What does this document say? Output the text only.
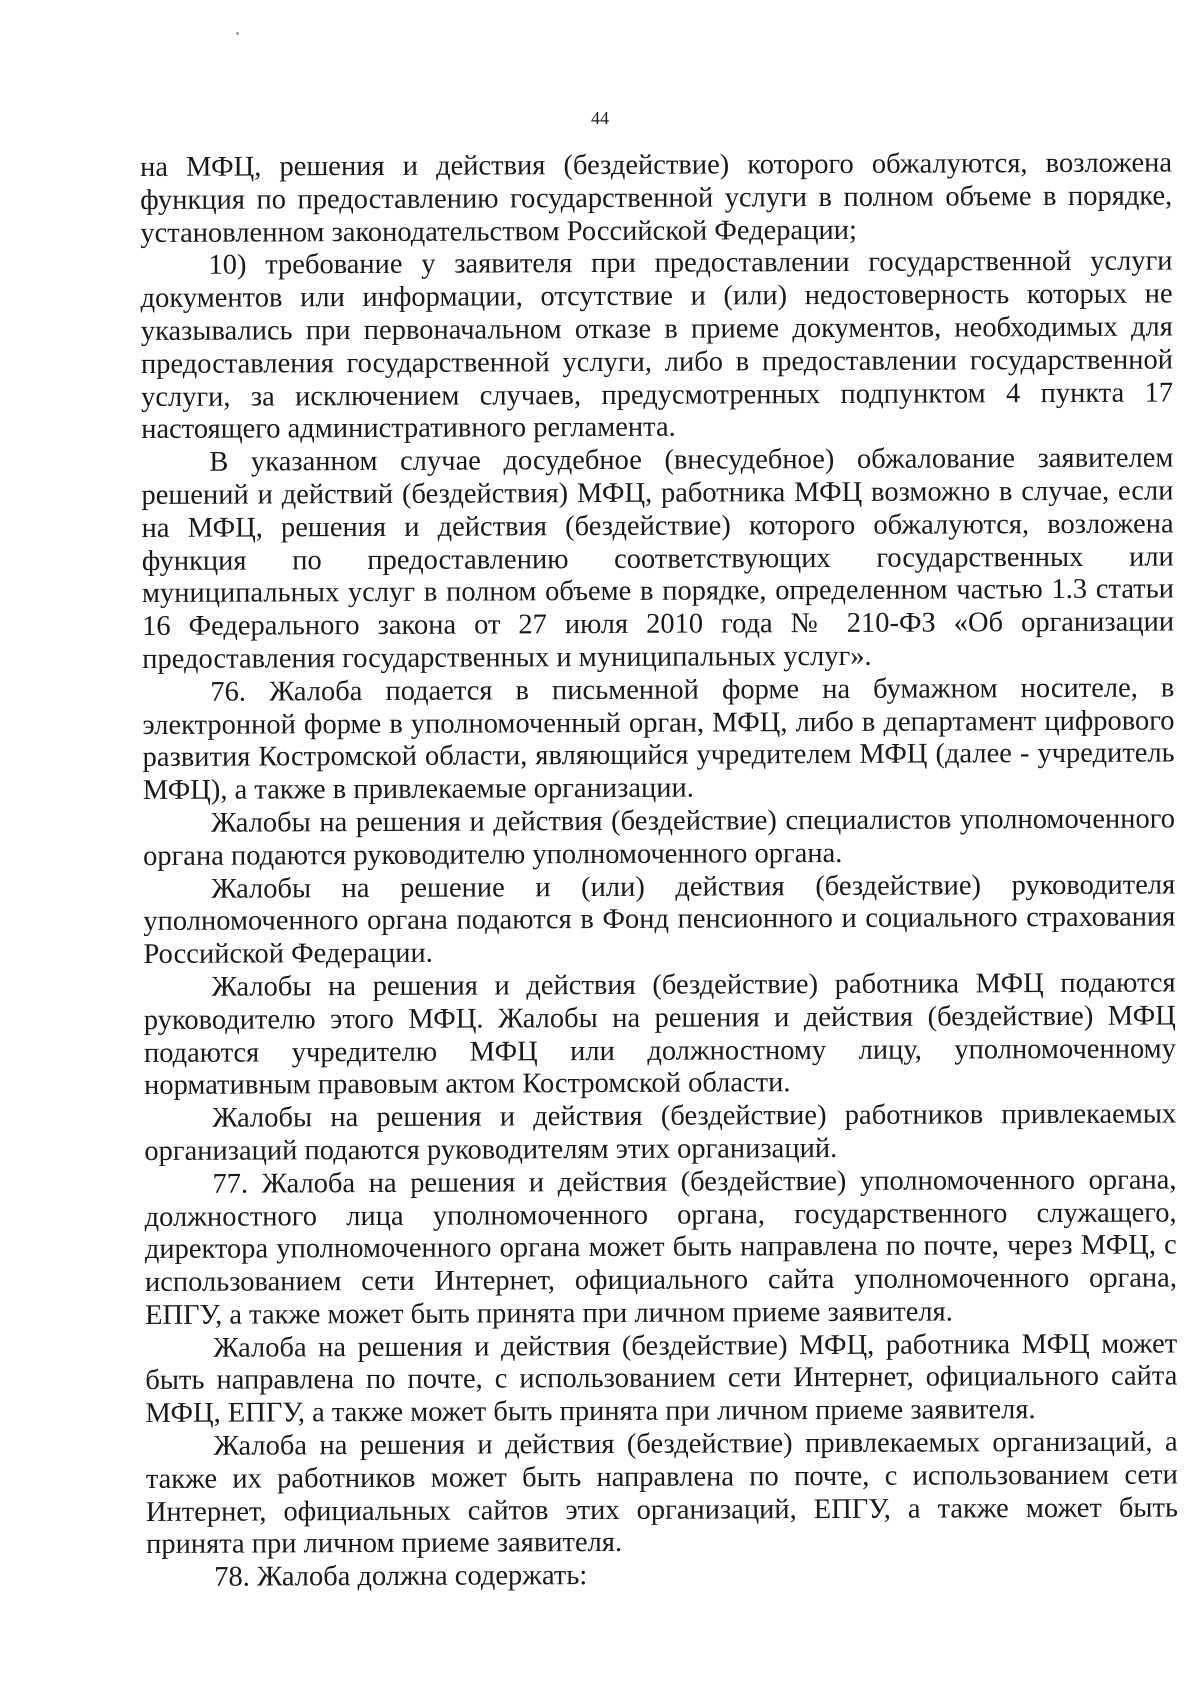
44

на МФЦ, решения и действия (бездействие) которого обжалуются, возложена функция по предоставлению государственной услуги в полном объеме в порядке, установленном законодательством Российской Федерации;

10) требование у заявителя при предоставлении государственной услуги документов или информации, отсутствие и (или) недостоверность которых не указывались при первоначальном отказе в приеме документов, необходимых для предоставления государственной услуги, либо в предоставлении государственной услуги, за исключением случаев, предусмотренных подпунктом 4 пункта 17 настоящего административного регламента.

В указанном случае досудебное (внесудебное) обжалование заявителем решений и действий (бездействия) МФЦ, работника МФЦ возможно в случае, если на МФЦ, решения и действия (бездействие) которого обжалуются, возложена функция по предоставлению соответствующих государственных или муниципальных услуг в полном объеме в порядке, определенном частью 1.3 статьи 16 Федерального закона от 27 июля 2010 года № 210-ФЗ «Об организации предоставления государственных и муниципальных услуг».

76. Жалоба подается в письменной форме на бумажном носителе, в электронной форме в уполномоченный орган, МФЦ, либо в департамент цифрового развития Костромской области, являющийся учредителем МФЦ (далее - учредитель МФЦ), а также в привлекаемые организации.

Жалобы на решения и действия (бездействие) специалистов уполномоченного органа подаются руководителю уполномоченного органа.

Жалобы на решение и (или) действия (бездействие) руководителя уполномоченного органа подаются в Фонд пенсионного и социального страхования Российской Федерации.

Жалобы на решения и действия (бездействие) работника МФЦ подаются руководителю этого МФЦ. Жалобы на решения и действия (бездействие) МФЦ подаются учредителю МФЦ или должностному лицу, уполномоченному нормативным правовым актом Костромской области.

Жалобы на решения и действия (бездействие) работников привлекаемых организаций подаются руководителям этих организаций.

77. Жалоба на решения и действия (бездействие) уполномоченного органа, должностного лица уполномоченного органа, государственного служащего, директора уполномоченного органа может быть направлена по почте, через МФЦ, с использованием сети Интернет, официального сайта уполномоченного органа, ЕПГУ, а также может быть принята при личном приеме заявителя.

Жалоба на решения и действия (бездействие) МФЦ, работника МФЦ может быть направлена по почте, с использованием сети Интернет, официального сайта МФЦ, ЕПГУ, а также может быть принята при личном приеме заявителя.

Жалоба на решения и действия (бездействие) привлекаемых организаций, а также их работников может быть направлена по почте, с использованием сети Интернет, официальных сайтов этих организаций, ЕПГУ, а также может быть принята при личном приеме заявителя.

78. Жалоба должна содержать:
